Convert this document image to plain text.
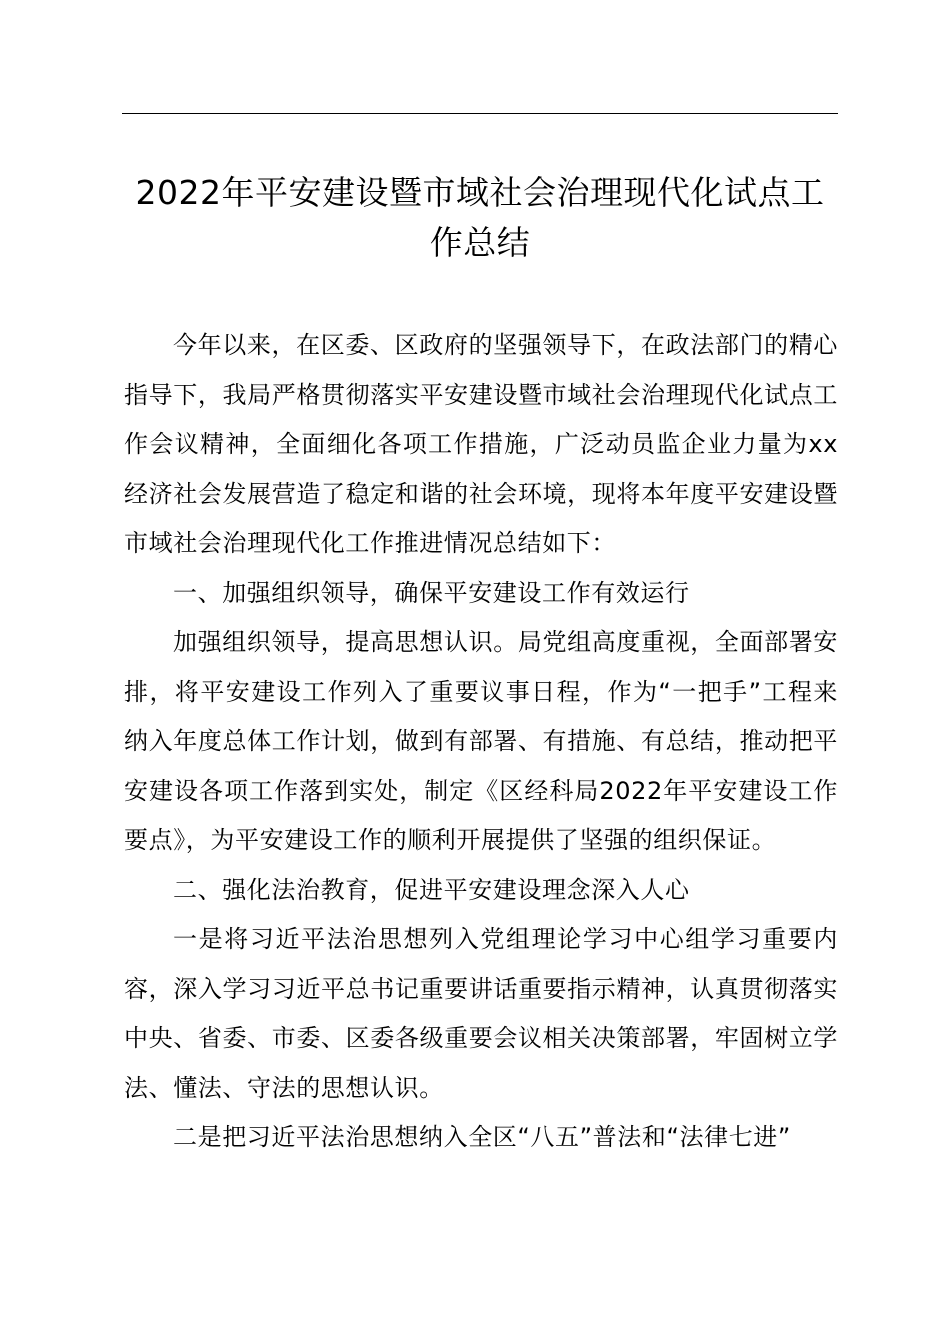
2022年平安建设暨市域社会治理现代化试点工
作总结

今年以来，在区委、区政府的坚强领导下，在政法部门的精心指导下，我局严格贯彻落实平安建设暨市域社会治理现代化试点工作会议精神，全面细化各项工作措施，广泛动员监企业力量为xx经济社会发展营造了稳定和谐的社会环境，现将本年度平安建设暨市域社会治理现代化工作推进情况总结如下：

一、加强组织领导，确保平安建设工作有效运行

加强组织领导，提高思想认识。局党组高度重视，全面部署安排，将平安建设工作列入了重要议事日程，作为“一把手”工程来纳入年度总体工作计划，做到有部署、有措施、有总结，推动把平安建设各项工作落到实处，制定《区经科局2022年平安建设工作要点》，为平安建设工作的顺利开展提供了坚强的组织保证。

二、强化法治教育，促进平安建设理念深入人心

一是将习近平法治思想列入党组理论学习中心组学习重要内容，深入学习习近平总书记重要讲话重要指示精神，认真贯彻落实中央、省委、市委、区委各级重要会议相关决策部署，牢固树立学法、懂法、守法的思想认识。

二是把习近平法治思想纳入全区“八五”普法和“法律七进”
